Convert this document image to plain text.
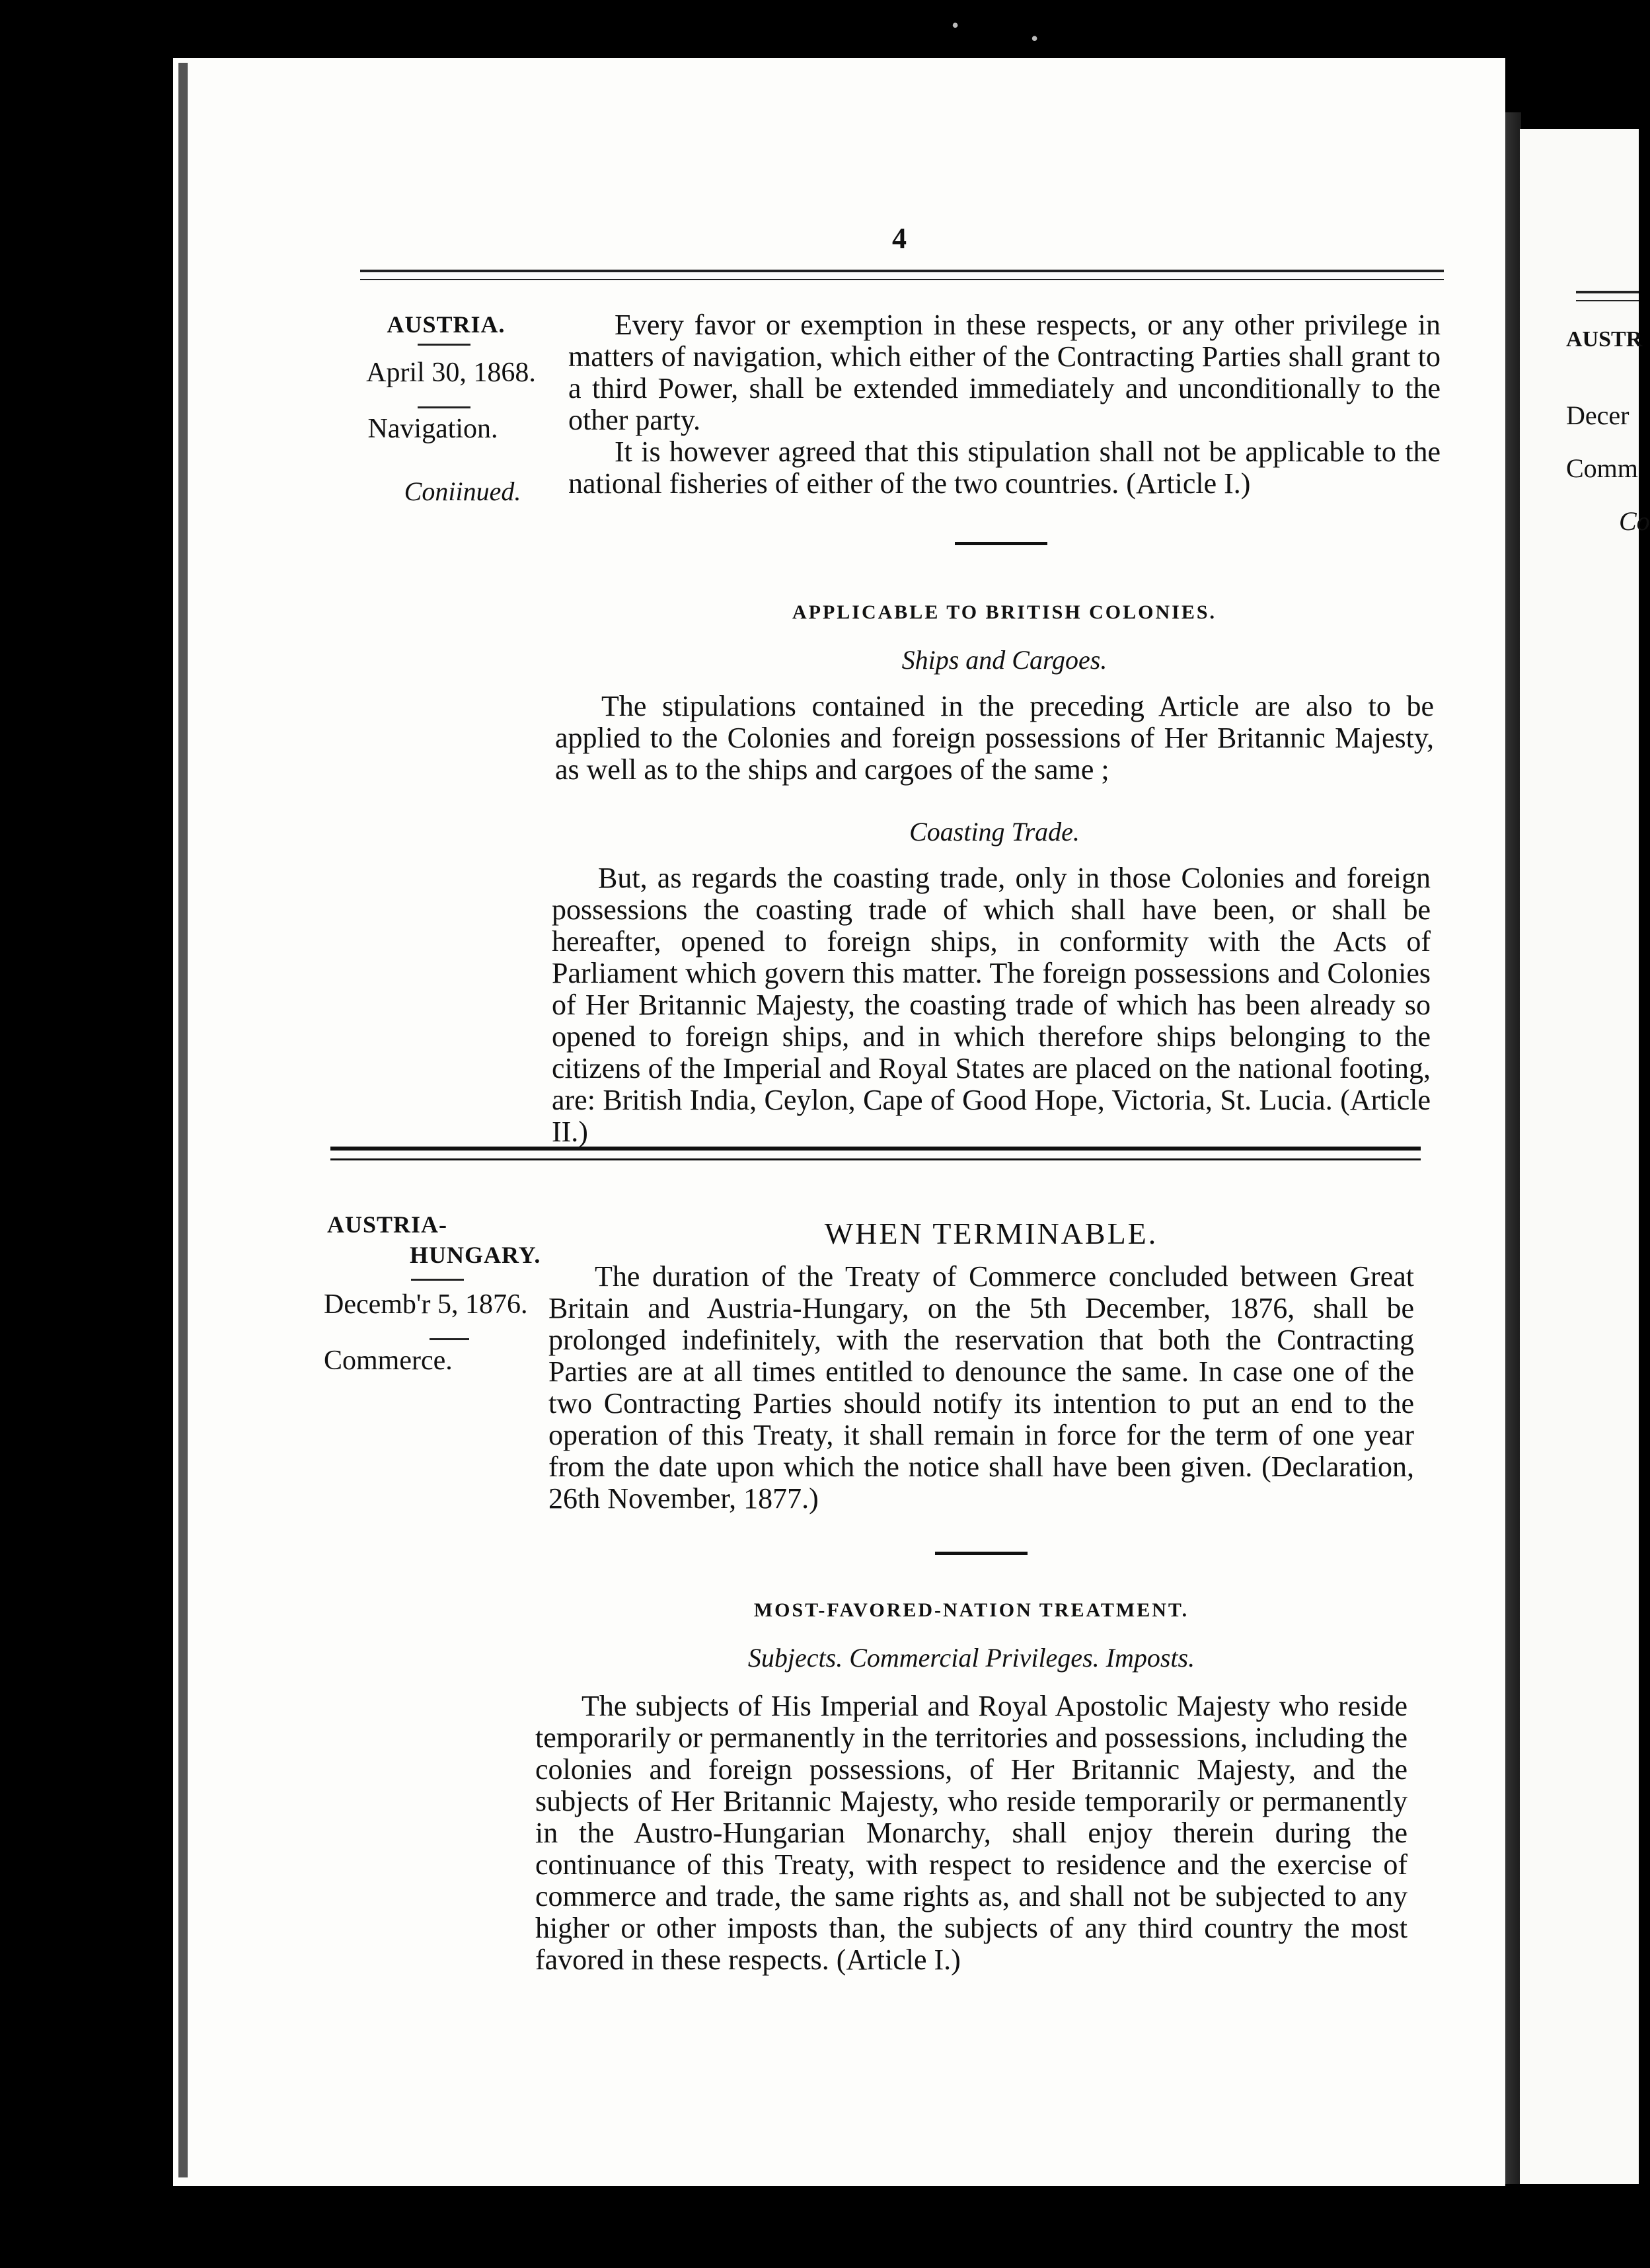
AUSTR
Decer
Comm
Co
•
•
4
AUSTRIA.
April 30, 1868.
Navigation.
Coniinued.

Every favor or exemption in these respects, or any other privilege in matters of navigation, which either of the Contracting Parties shall grant to a third Power, shall be extended immediately and unconditionally to the other party.

It is however agreed that this stipulation shall not be applicable to the national fisheries of either of the two countries. (Article I.)

APPLICABLE TO BRITISH COLONIES.
Ships and Cargoes.

The stipulations contained in the preceding Article are also to be applied to the Colonies and foreign possessions of Her Britannic Majesty, as well as to the ships and cargoes of the same ;

Coasting Trade.

But, as regards the coasting trade, only in those Colonies and foreign possessions the coasting trade of which shall have been, or shall be hereafter, opened to foreign ships, in conformity with the Acts of Parliament which govern this matter. The foreign possessions and Colonies of Her Britannic Majesty, the coasting trade of which has been already so opened to foreign ships, and in which therefore ships belonging to the citizens of the Imperial and Royal States are placed on the national footing, are: British India, Ceylon, Cape of Good Hope, Victoria, St. Lucia. (Article II.)

AUSTRIA-
HUNGARY.
Decemb'r 5, 1876.
Commerce.
WHEN TERMINABLE.

The duration of the Treaty of Commerce concluded between Great Britain and Austria-Hungary, on the 5th December, 1876, shall be prolonged indefinitely, with the reservation that both the Contracting Parties are at all times entitled to denounce the same. In case one of the two Contracting Parties should notify its intention to put an end to the operation of this Treaty, it shall remain in force for the term of one year from the date upon which the notice shall have been given. (Declaration, 26th November, 1877.)

MOST-FAVORED-NATION TREATMENT.
Subjects. Commercial Privileges. Imposts.

The subjects of His Imperial and Royal Apostolic Majesty who reside temporarily or permanently in the territories and possessions, including the colonies and foreign possessions, of Her Britannic Majesty, and the subjects of Her Britannic Majesty, who reside temporarily or permanently in the Austro-Hungarian Monarchy, shall enjoy therein during the continuance of this Treaty, with respect to residence and the exercise of commerce and trade, the same rights as, and shall not be subjected to any higher or other imposts than, the subjects of any third country the most favored in these respects. (Article I.)
